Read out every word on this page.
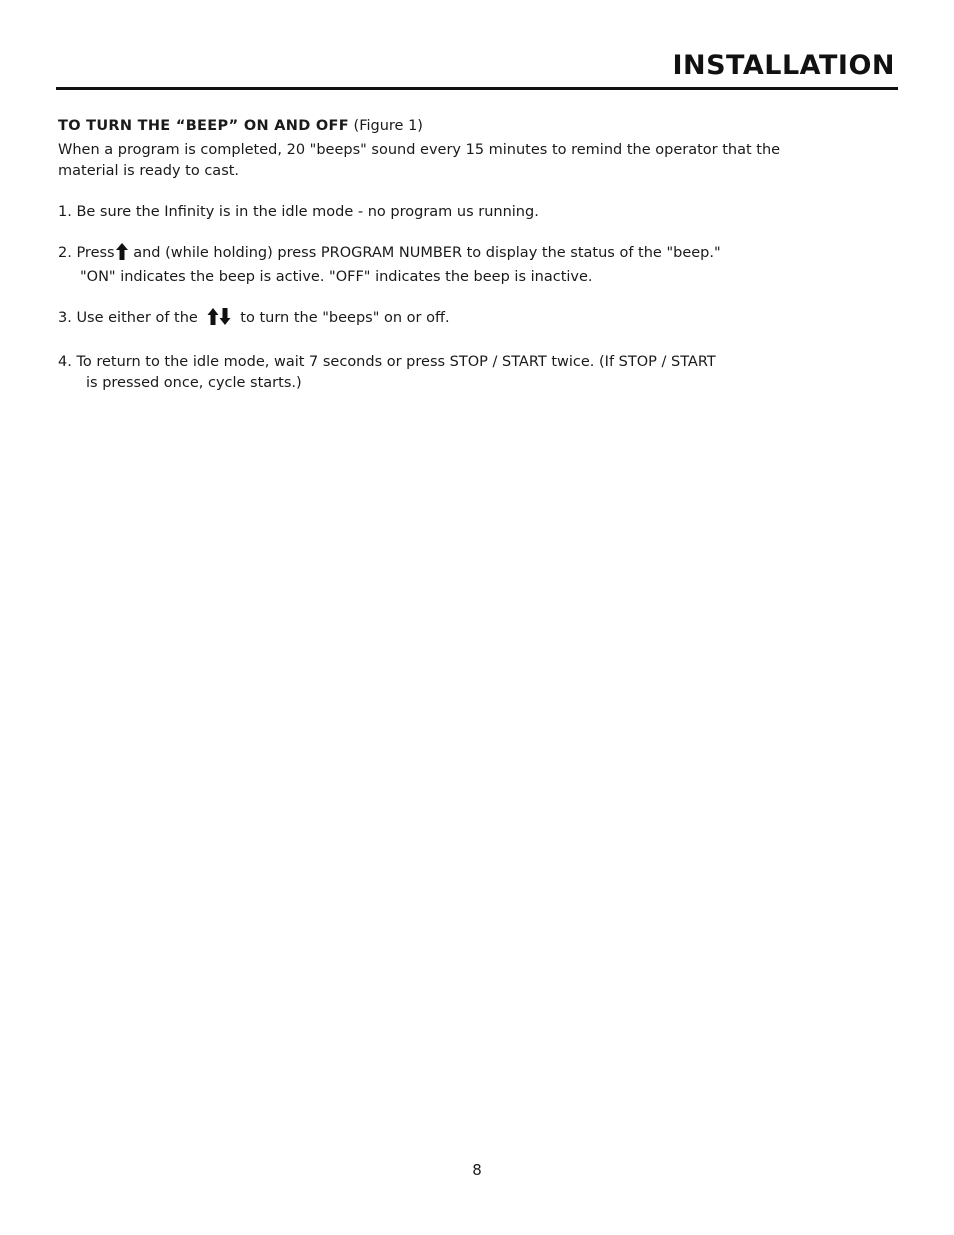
INSTALLATION

TO TURN THE “BEEP” ON AND OFF (Figure 1)

When a program is completed, 20 "beeps" sound every 15 minutes to remind the operator that the
material is ready to cast.
1. Be sure the Infinity is in the idle mode - no program us running.
2. Press and (while holding) press PROGRAM NUMBER to display the status of the "beep."
"ON" indicates the beep is active. "OFF" indicates the beep is inactive.
3. Use either of the    to turn the "beeps" on or off.
4. To return to the idle mode, wait 7 seconds or press STOP / START twice. (If STOP / START
is pressed once, cycle starts.)
8
